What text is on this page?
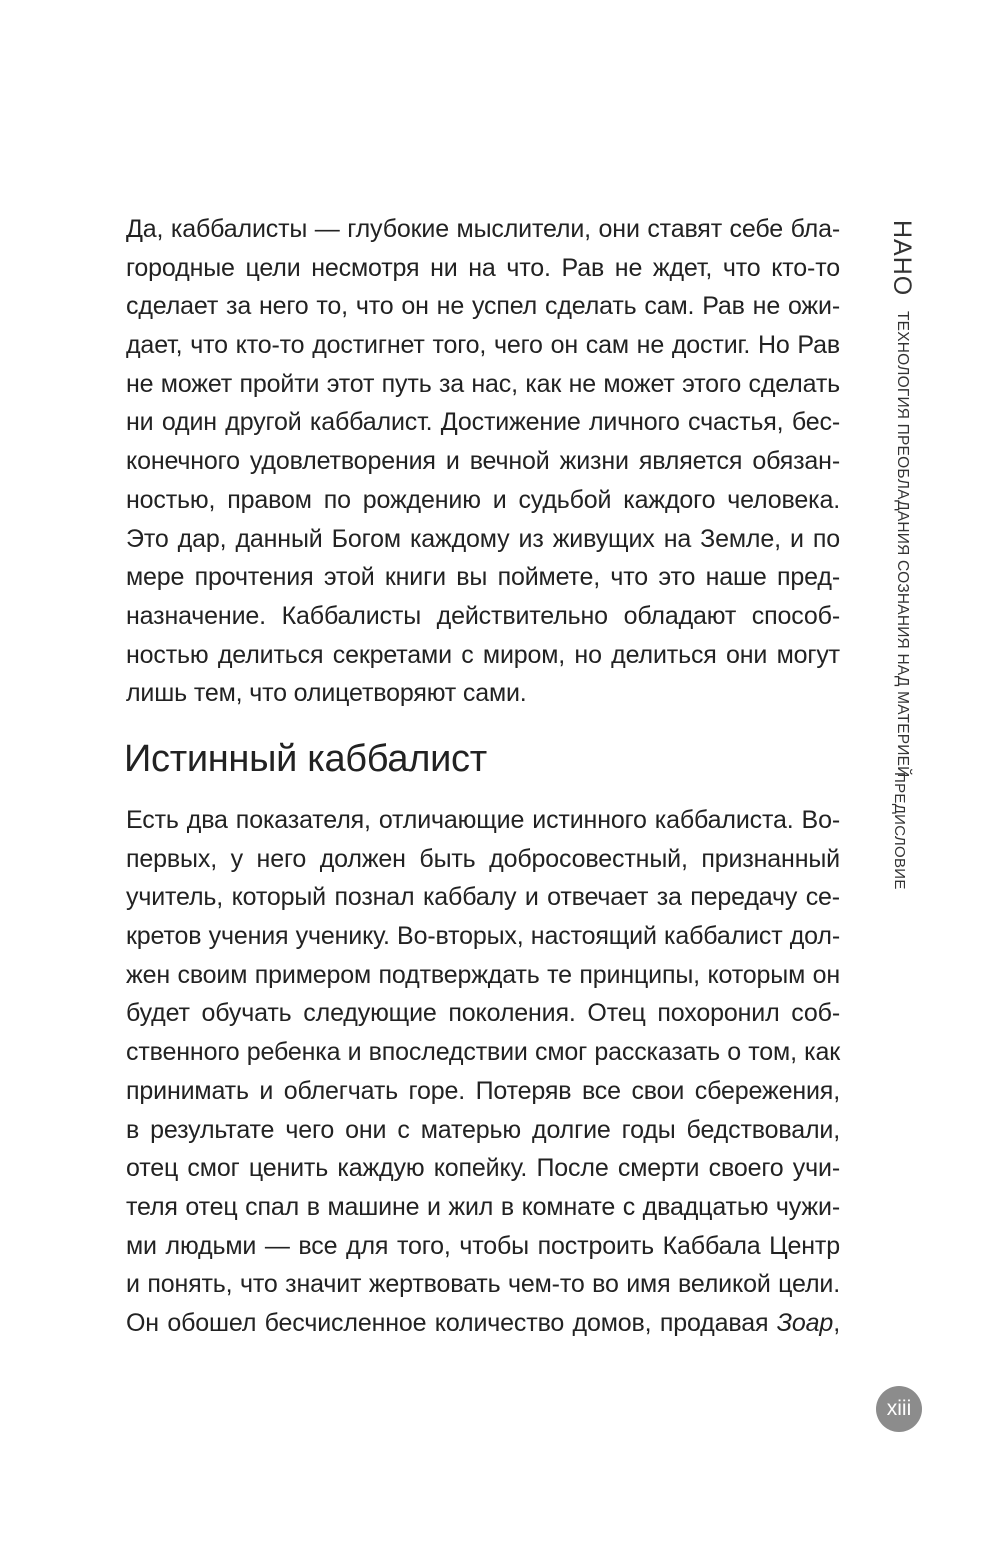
Да, каббалисты — глубокие мыслители, они ставят себе бла-
городные цели несмотря ни на что. Рав не ждет, что кто-то
сделает за него то, что он не успел сделать сам. Рав не ожи-
дает, что кто-то достигнет того, чего он сам не достиг. Но Рав
не может пройти этот путь за нас, как не может этого сделать
ни один другой каббалист. Достижение личного счастья, бес-
конечного удовлетворения и вечной жизни является обязан-
ностью, правом по рождению и судьбой каждого человека.
Это дар, данный Богом каждому из живущих на Земле, и по
мере прочтения этой книги вы поймете, что это наше пред-
назначение. Каббалисты действительно обладают способ-
ностью делиться секретами с миром, но делиться они могут
лишь тем, что олицетворяют сами.
Истинный каббалист
Есть два показателя, отличающие истинного каббалиста. Во-
первых, у него должен быть добросовестный, признанный
учитель, который познал каббалу и отвечает за передачу се-
кретов учения ученику. Во-вторых, настоящий каббалист дол-
жен своим примером подтверждать те принципы, которым он
будет обучать следующие поколения. Отец похоронил соб-
ственного ребенка и впоследствии смог рассказать о том, как
принимать и облегчать горе. Потеряв все свои сбережения,
в результате чего они с матерью долгие годы бедствовали,
отец смог ценить каждую копейку. После смерти своего учи-
теля отец спал в машине и жил в комнате с двадцатью чужи-
ми людьми — все для того, чтобы построить Каббала Центр
и понять, что значит жертвовать чем-то во имя великой цели.
Он обошел бесчисленное количество домов, продавая Зоар,
НАНО ТЕХНОЛОГИЯ ПРЕОБЛАДАНИЯ СОЗНАНИЯ НАД МАТЕРИЕЙ
ПРЕДИСЛОВИЕ
xiii
